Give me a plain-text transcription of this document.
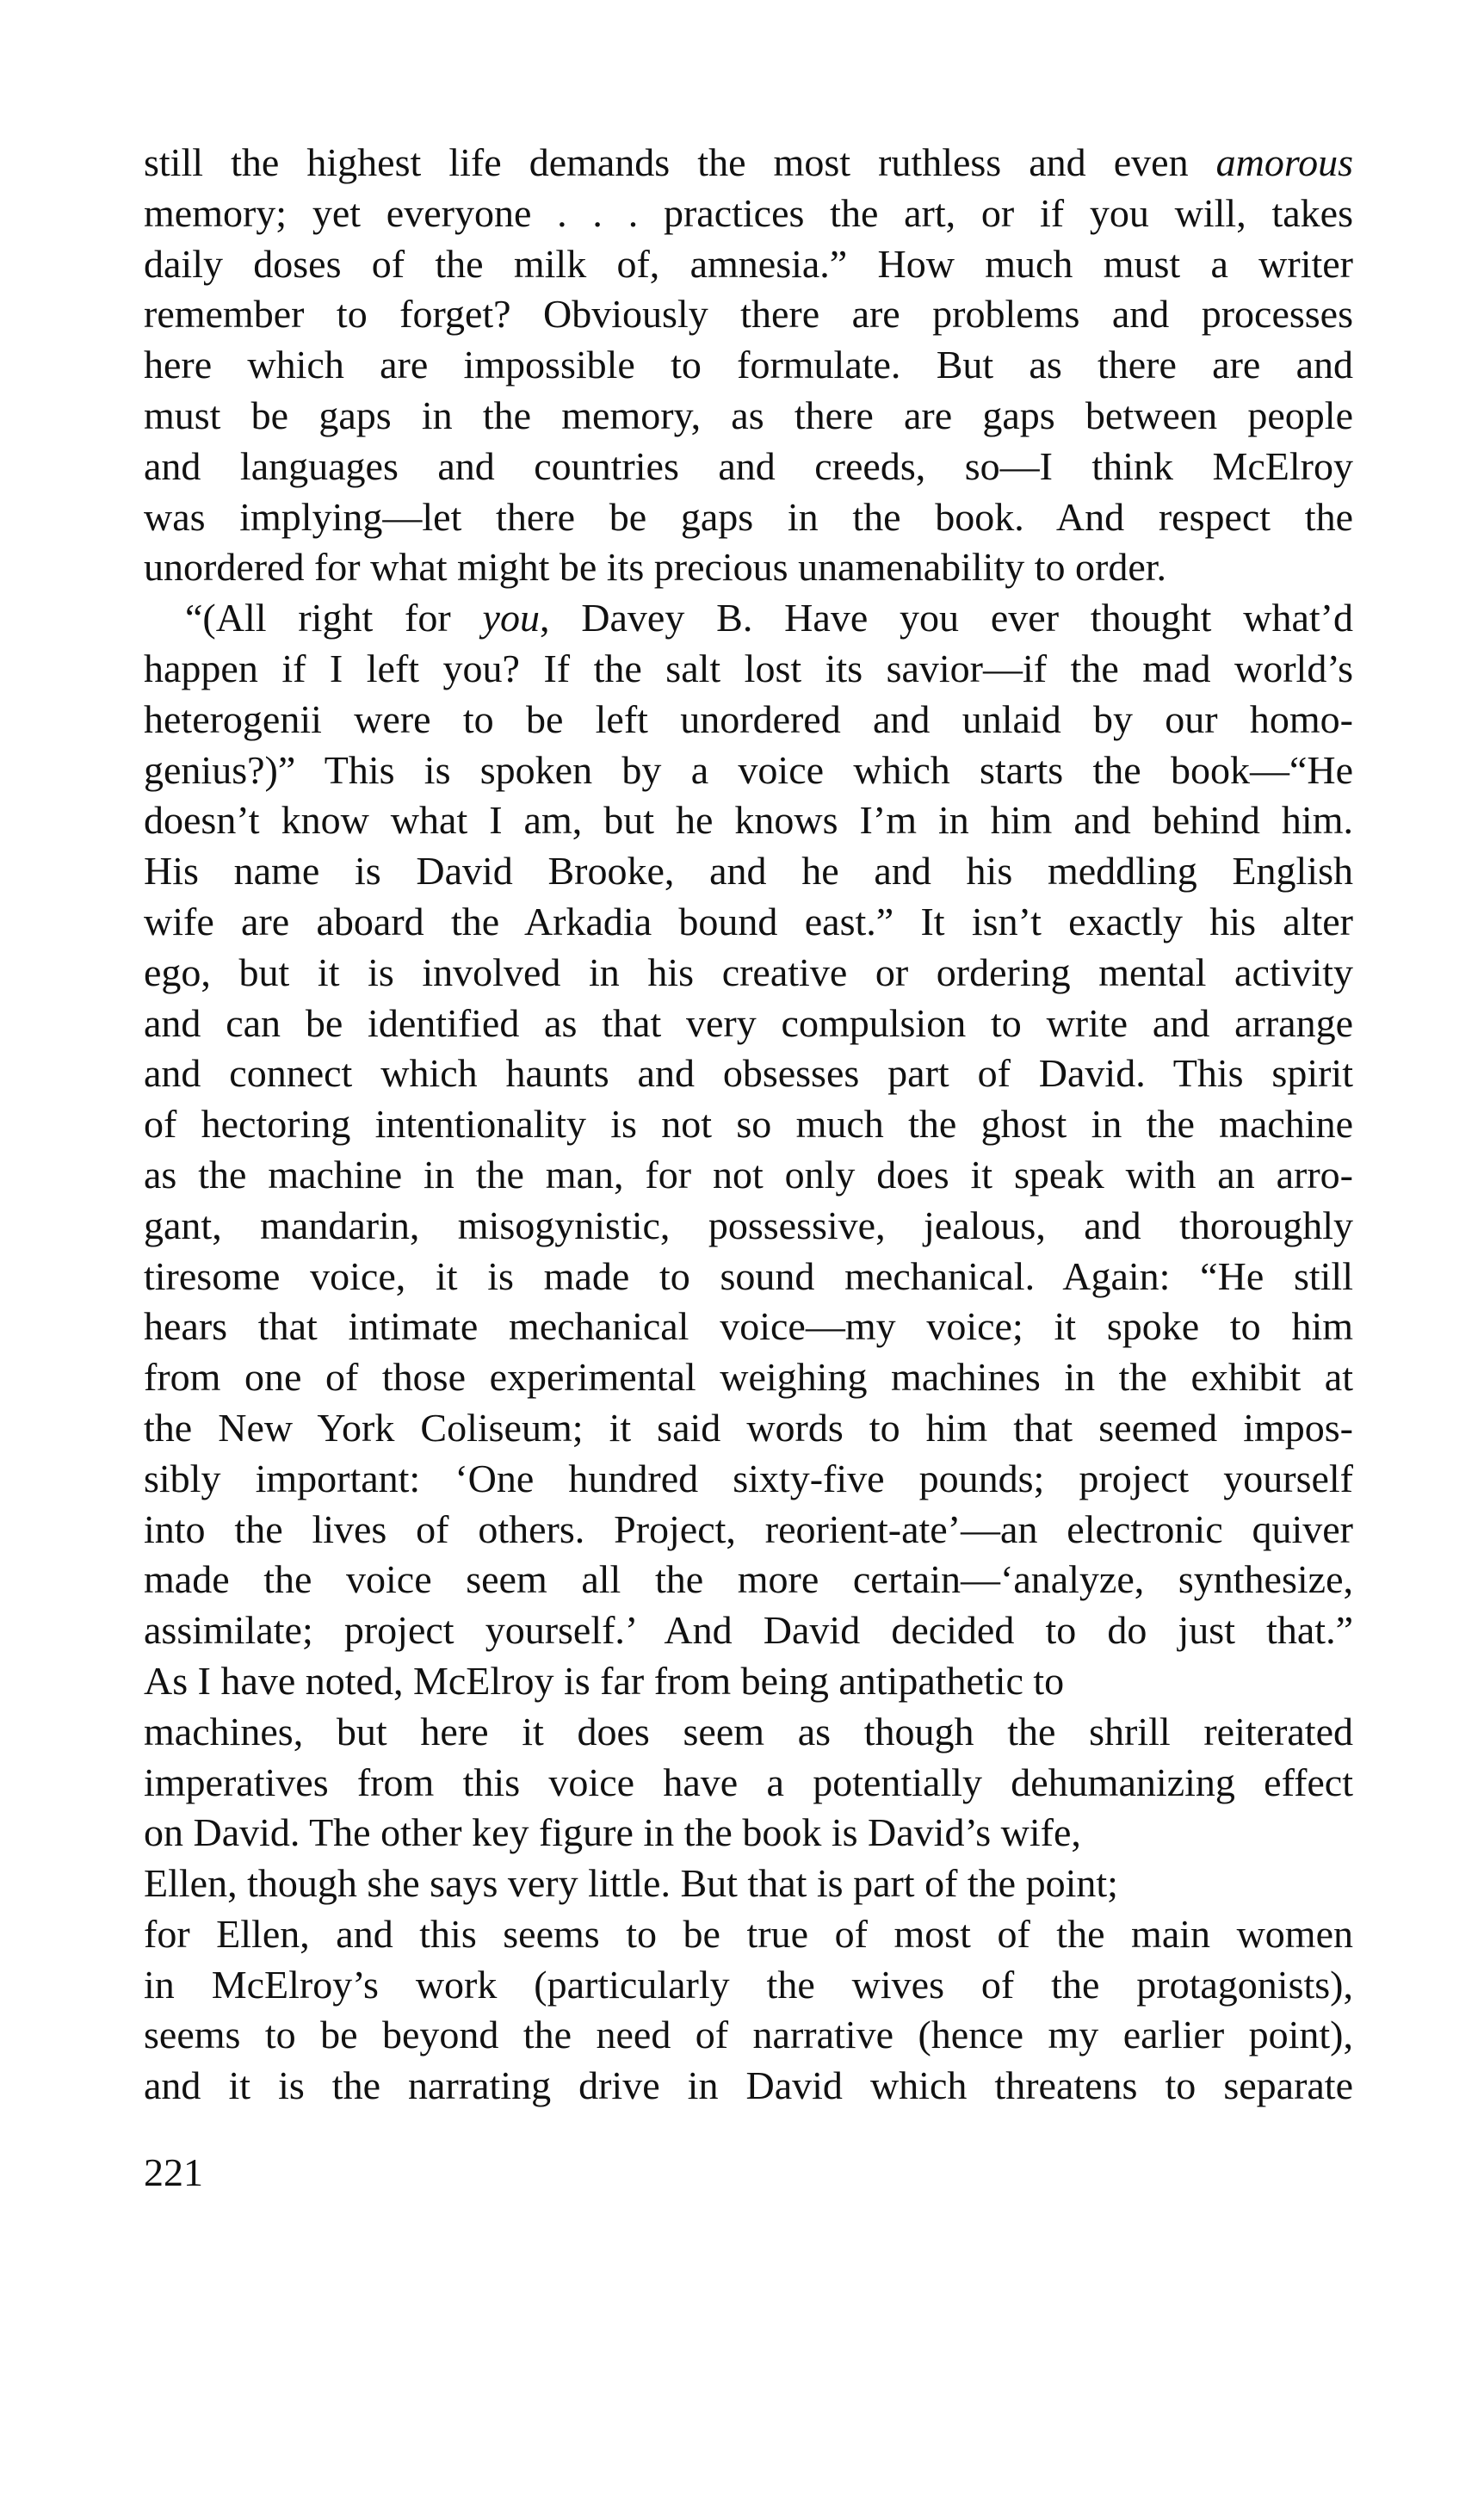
still the highest life demands the most ruthless and even amorous
memory; yet everyone . . . practices the art, or if you will, takes
daily doses of the milk of, amnesia.” How much must a writer
remember to forget? Obviously there are problems and processes
here which are impossible to formulate. But as there are and
must be gaps in the memory, as there are gaps between people
and languages and countries and creeds, so—I think McElroy
was implying—let there be gaps in the book. And respect the
unordered for what might be its precious unamenability to order.
“(All right for you, Davey B. Have you ever thought what’d
happen if I left you? If the salt lost its savior—if the mad world’s
heterogenii were to be left unordered and unlaid by our homo-
genius?)” This is spoken by a voice which starts the book—“He
doesn’t know what I am, but he knows I’m in him and behind him.
His name is David Brooke, and he and his meddling English
wife are aboard the Arkadia bound east.” It isn’t exactly his alter
ego, but it is involved in his creative or ordering mental activity
and can be identified as that very compulsion to write and arrange
and connect which haunts and obsesses part of David. This spirit
of hectoring intentionality is not so much the ghost in the machine
as the machine in the man, for not only does it speak with an arro-
gant, mandarin, misogynistic, possessive, jealous, and thoroughly
tiresome voice, it is made to sound mechanical. Again: “He still
hears that intimate mechanical voice—my voice; it spoke to him
from one of those experimental weighing machines in the exhibit at
the New York Coliseum; it said words to him that seemed impos-
sibly important: ‘One hundred sixty-five pounds; project yourself
into the lives of others. Project, reorient-ate’—an electronic quiver
made the voice seem all the more certain—‘analyze, synthesize,
assimilate; project yourself.’ And David decided to do just that.”
As I have noted, McElroy is far from being antipathetic to
machines, but here it does seem as though the shrill reiterated
imperatives from this voice have a potentially dehumanizing effect
on David. The other key figure in the book is David’s wife,
Ellen, though she says very little. But that is part of the point;
for Ellen, and this seems to be true of most of the main women
in McElroy’s work (particularly the wives of the protagonists),
seems to be beyond the need of narrative (hence my earlier point),
and it is the narrating drive in David which threatens to separate
221
